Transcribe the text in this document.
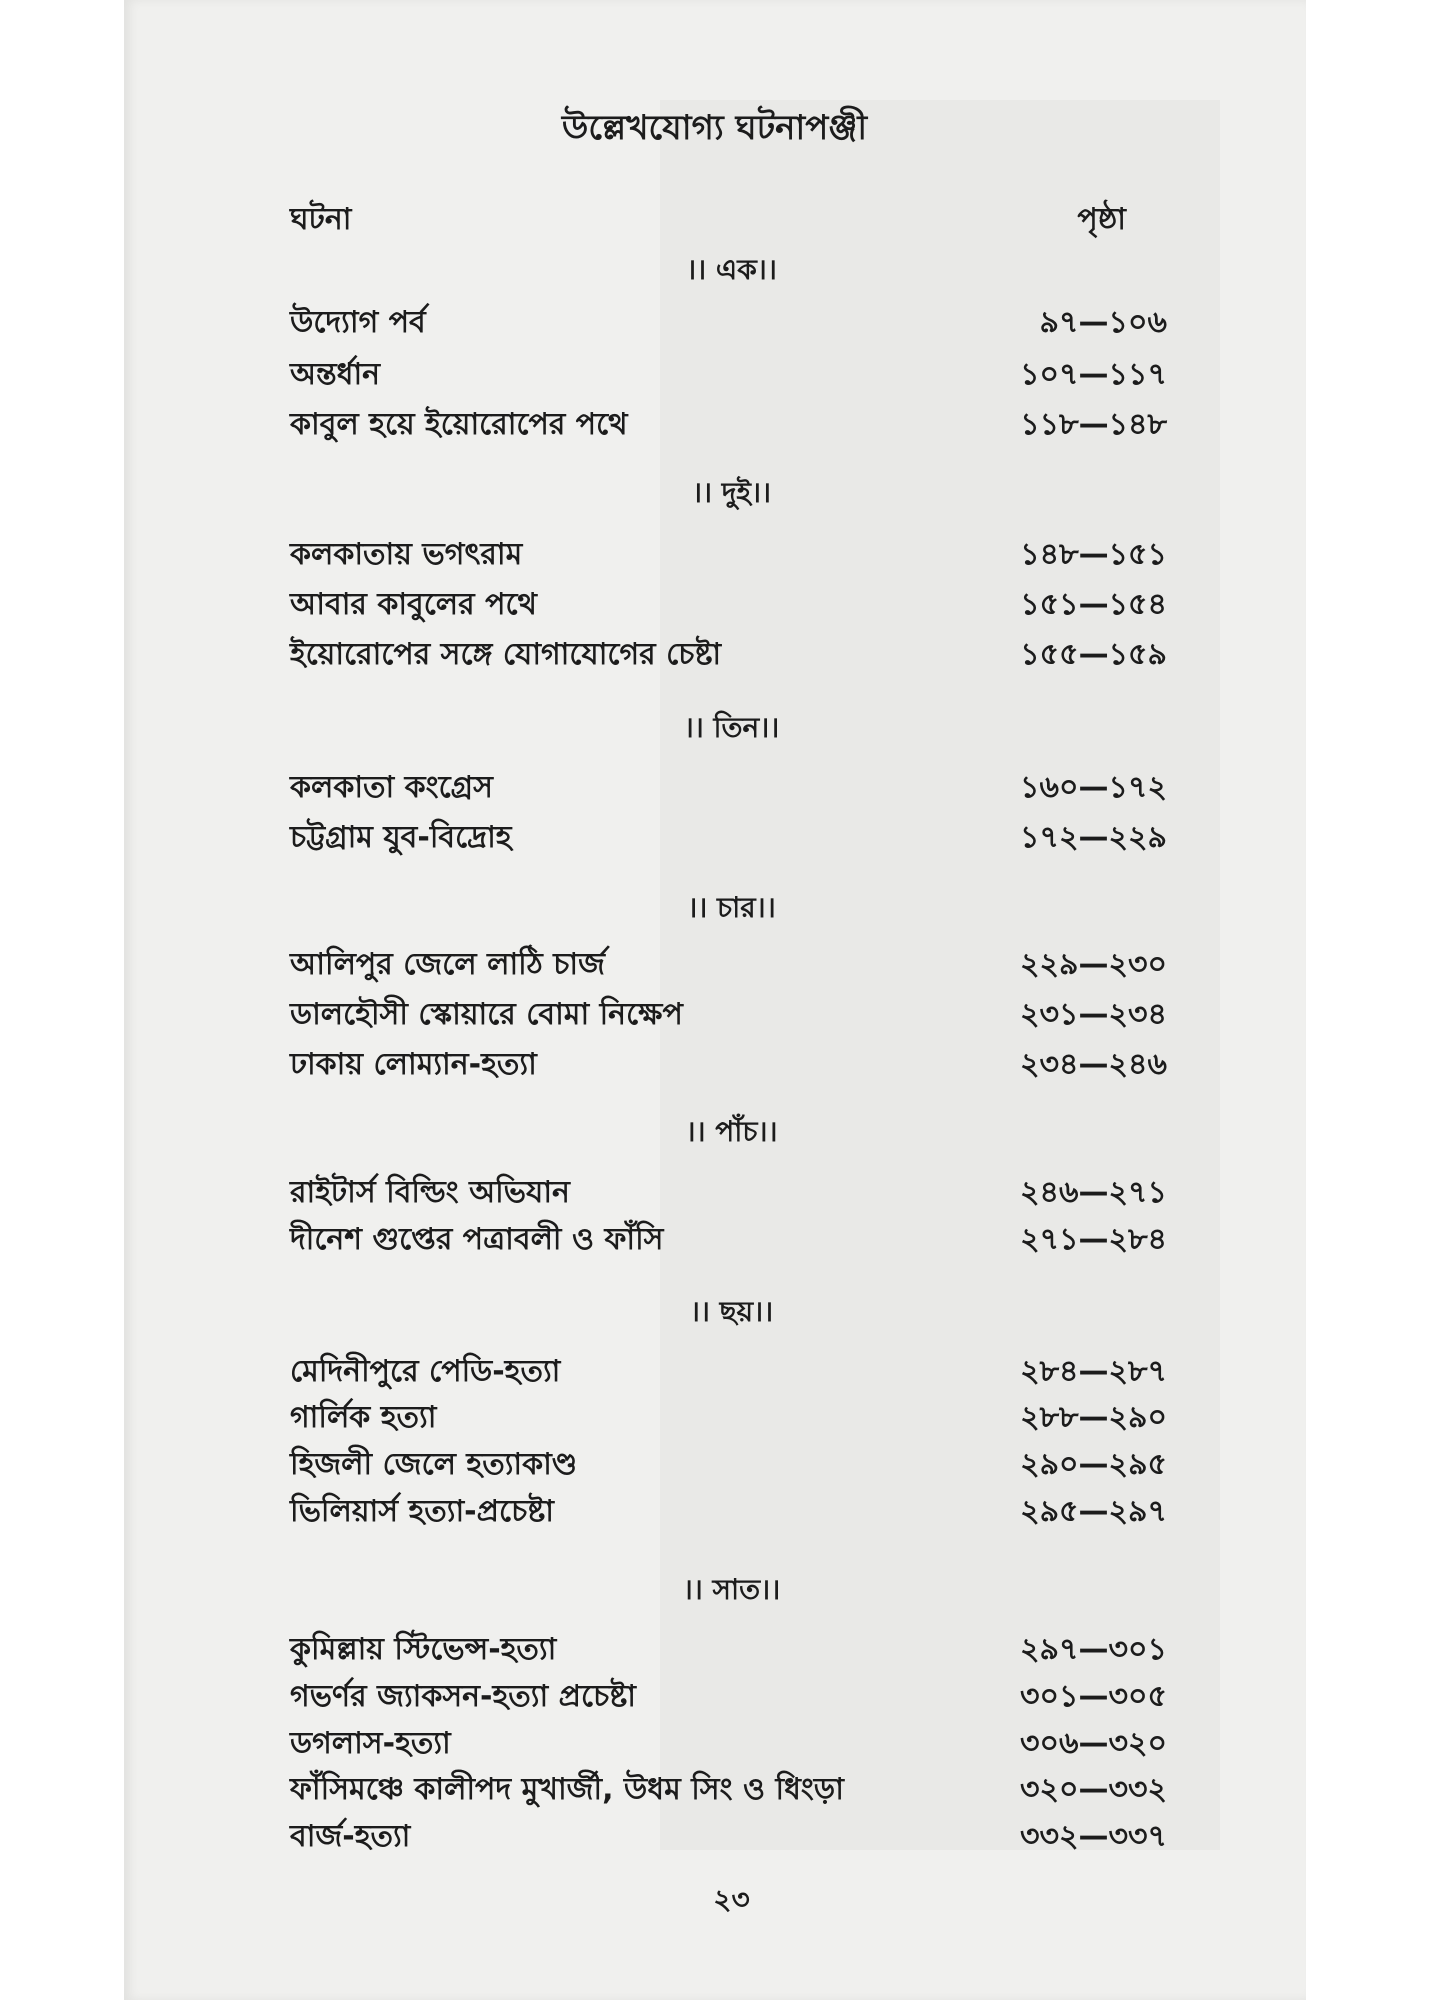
উল্লেখযোগ্য ঘটনাপঞ্জী
ঘটনা	পৃষ্ঠা
।। এক।।
উদ্যোগ পর্ব	৯৭—১০৬
অন্তর্ধান	১০৭—১১৭
কাবুল হয়ে ইয়োরোপের পথে	১১৮—১৪৮
।। দুই।।
কলকাতায় ভগৎরাম	১৪৮—১৫১
আবার কাবুলের পথে	১৫১—১৫৪
ইয়োরোপের সঙ্গে যোগাযোগের চেষ্টা	১৫৫—১৫৯
।। তিন।।
কলকাতা কংগ্রেস	১৬০—১৭২
চট্টগ্রাম যুব-বিদ্রোহ	১৭২—২২৯
।। চার।।
আলিপুর জেলে লাঠি চার্জ	২২৯—২৩০
ডালহৌসী স্কোয়ারে বোমা নিক্ষেপ	২৩১—২৩৪
ঢাকায় লোম্যান-হত্যা	২৩৪—২৪৬
।। পাঁচ।।
রাইটার্স বিল্ডিং অভিযান	২৪৬—২৭১
দীনেশ গুপ্তের পত্রাবলী ও ফাঁসি	২৭১—২৮৪
।। ছয়।।
মেদিনীপুরে পেডি-হত্যা	২৮৪—২৮৭
গার্লিক হত্যা	২৮৮—২৯০
হিজলী জেলে হত্যাকাণ্ড	২৯০—২৯৫
ভিলিয়ার্স হত্যা-প্রচেষ্টা	২৯৫—২৯৭
।। সাত।।
কুমিল্লায় স্টিভেন্স-হত্যা	২৯৭—৩০১
গভর্ণর জ্যাকসন-হত্যা প্রচেষ্টা	৩০১—৩০৫
ডগলাস-হত্যা	৩০৬—৩২০
ফাঁসিমঞ্চে কালীপদ মুখার্জী, উধম সিং ও ধিংড়া	৩২০—৩৩২
বার্জ-হত্যা	৩৩২—৩৩৭
২৩
